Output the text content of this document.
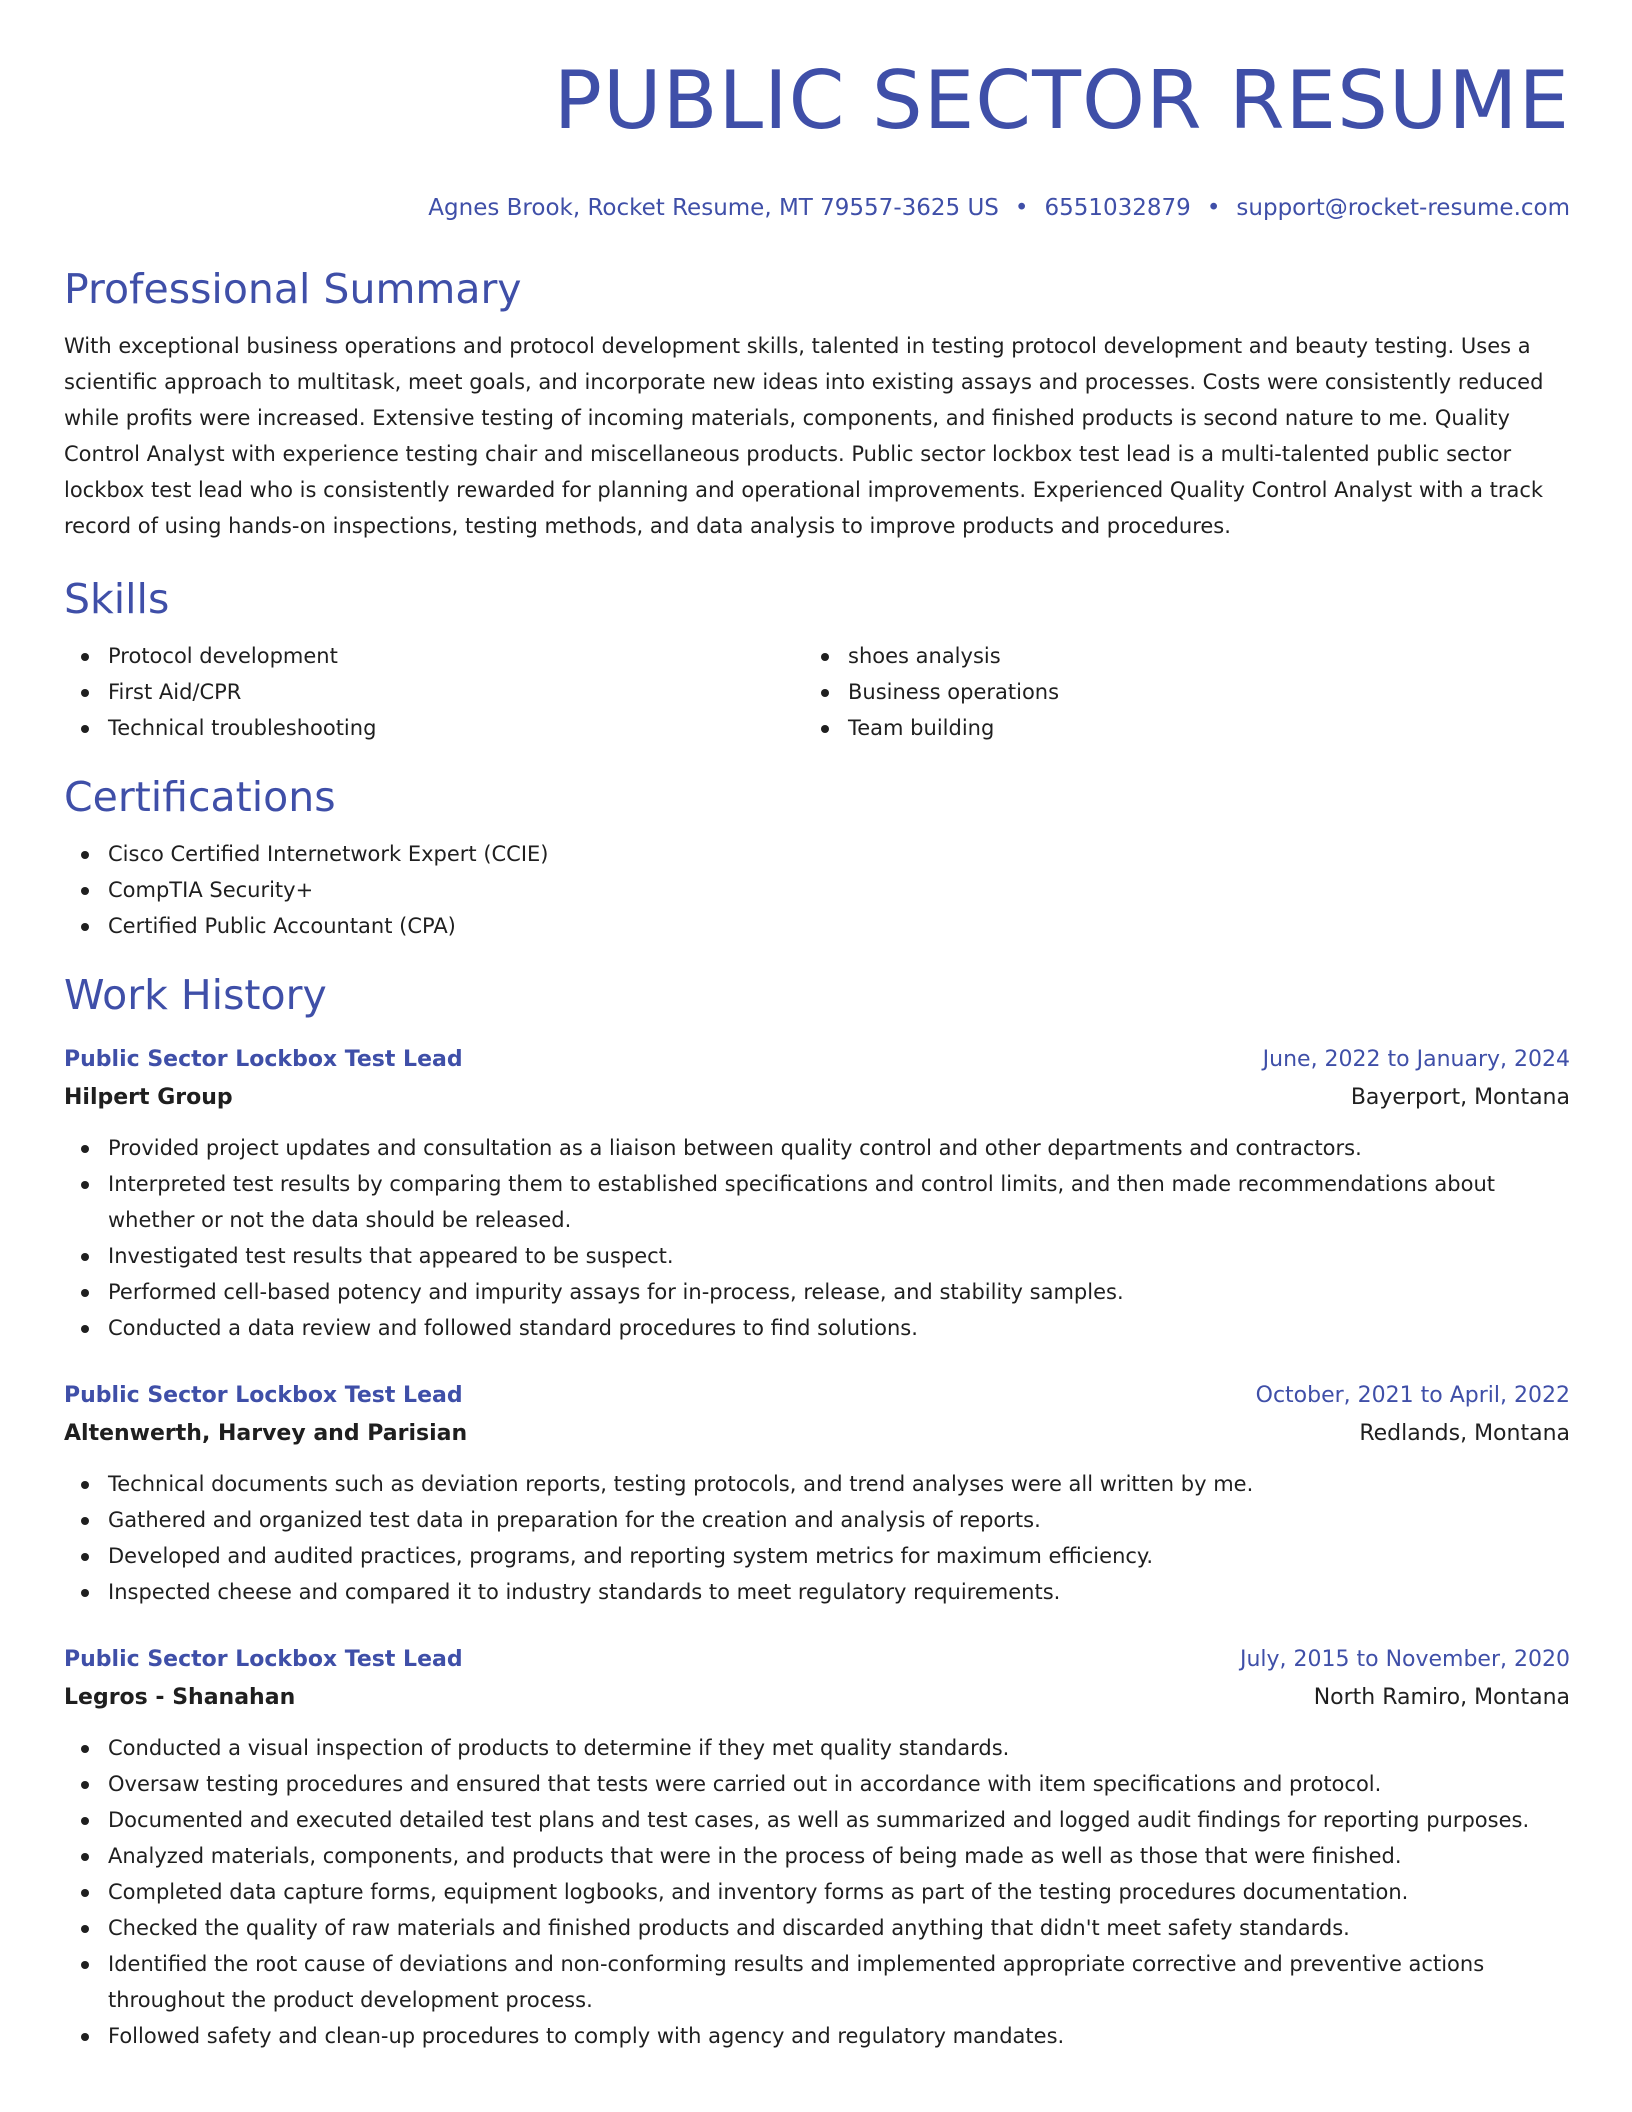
PUBLIC SECTOR RESUME
Agnes Brook, Rocket Resume, MT 79557-3625 US • 6551032879 • support@rocket-resume.com
Professional Summary

With exceptional business operations and protocol development skills, talented in testing protocol development and beauty testing. Uses a scientific approach to multitask, meet goals, and incorporate new ideas into existing assays and processes. Costs were consistently reduced while profits were increased. Extensive testing of incoming materials, components, and finished products is second nature to me. Quality Control Analyst with experience testing chair and miscellaneous products. Public sector lockbox test lead is a multi-talented public sector lockbox test lead who is consistently rewarded for planning and operational improvements. Experienced Quality Control Analyst with a track record of using hands-on inspections, testing methods, and data analysis to improve products and procedures.

Skills
Protocol development
First Aid/CPR
Technical troubleshooting
shoes analysis
Business operations
Team building
Certifications
Cisco Certified Internetwork Expert (CCIE)
CompTIA Security+
Certified Public Accountant (CPA)
Work History
Public Sector Lockbox Test Lead	June, 2022 to January, 2024
Hilpert Group	Bayerport, Montana
Provided project updates and consultation as a liaison between quality control and other departments and contractors.
Interpreted test results by comparing them to established specifications and control limits, and then made recommendations about whether or not the data should be released.
Investigated test results that appeared to be suspect.
Performed cell-based potency and impurity assays for in-process, release, and stability samples.
Conducted a data review and followed standard procedures to find solutions.
Public Sector Lockbox Test Lead	October, 2021 to April, 2022
Altenwerth, Harvey and Parisian	Redlands, Montana
Technical documents such as deviation reports, testing protocols, and trend analyses were all written by me.
Gathered and organized test data in preparation for the creation and analysis of reports.
Developed and audited practices, programs, and reporting system metrics for maximum efficiency.
Inspected cheese and compared it to industry standards to meet regulatory requirements.
Public Sector Lockbox Test Lead	July, 2015 to November, 2020
Legros - Shanahan	North Ramiro, Montana
Conducted a visual inspection of products to determine if they met quality standards.
Oversaw testing procedures and ensured that tests were carried out in accordance with item specifications and protocol.
Documented and executed detailed test plans and test cases, as well as summarized and logged audit findings for reporting purposes.
Analyzed materials, components, and products that were in the process of being made as well as those that were finished.
Completed data capture forms, equipment logbooks, and inventory forms as part of the testing procedures documentation.
Checked the quality of raw materials and finished products and discarded anything that didn't meet safety standards.
Identified the root cause of deviations and non-conforming results and implemented appropriate corrective and preventive actions throughout the product development process.
Followed safety and clean-up procedures to comply with agency and regulatory mandates.
